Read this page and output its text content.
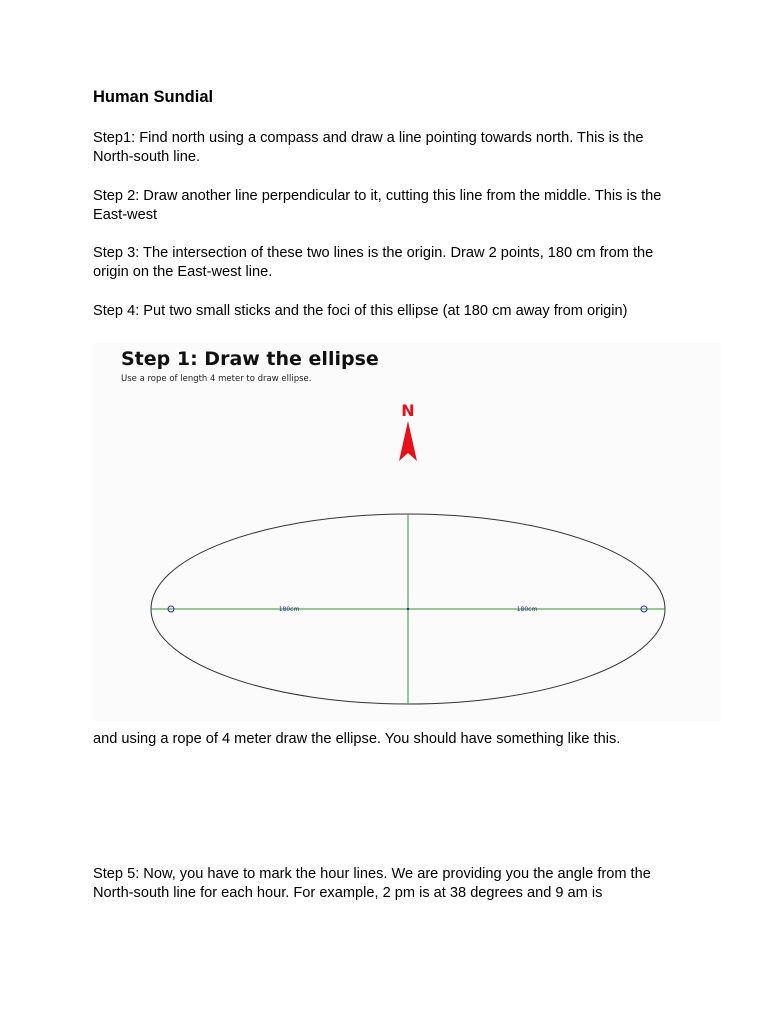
Human Sundial

Step1: Find north using a compass and draw a line pointing towards north. This is the North-south line.

Step 2: Draw another line perpendicular to it, cutting this line from the middle. This is the East-west

Step 3: The intersection of these two lines is the origin. Draw 2 points, 180 cm from the origin on the East-west line.

Step 4: Put two small sticks and the foci of this ellipse (at 180 cm away from origin)

and using a rope of 4 meter draw the ellipse. You should have something like this.

Step 5: Now, you have to mark the hour lines. We are providing you the angle from the North-south line for each hour. For example, 2 pm is at 38 degrees and 9 am is

Step 1: Draw the ellipse
Use a rope of length 4 meter to draw ellipse.
N
180cm	180cm
